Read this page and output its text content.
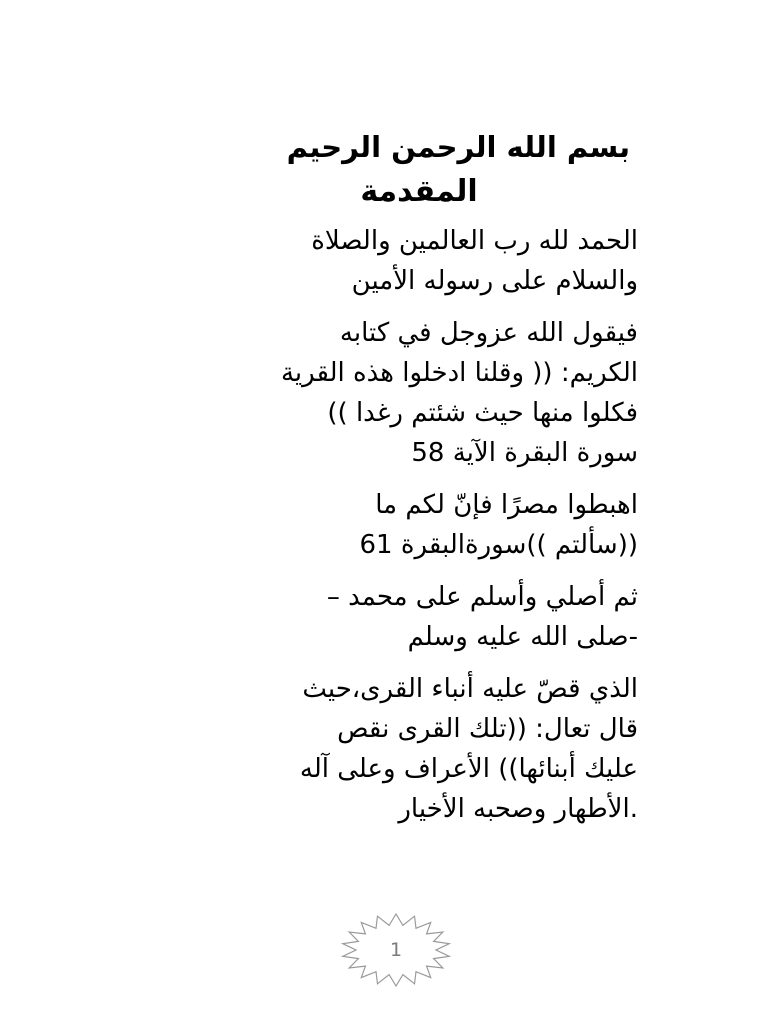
بسم الله الرحمن الرحيم
المقدمة

الحمد لله رب العالمين والصلاة
والسلام على رسوله الأمين

فيقول الله عزوجل في كتابه
الكريم: (( وقلنا ادخلوا هذه القرية
فكلوا منها حيث شئتم رغدا ))
سورة البقرة الآية 58

اهبطوا مصرًا فإنّ لكم ما
((سألتم ))سورةالبقرة 61

ثم أصلي وأسلم على محمد –
-صلى الله عليه وسلم

الذي قصّ عليه أنباء القرى،حيث
قال تعال: ((تلك القرى نقص
عليك أبنائها)) الأعراف وعلى آله
.الأطهار وصحبه الأخيار

1
